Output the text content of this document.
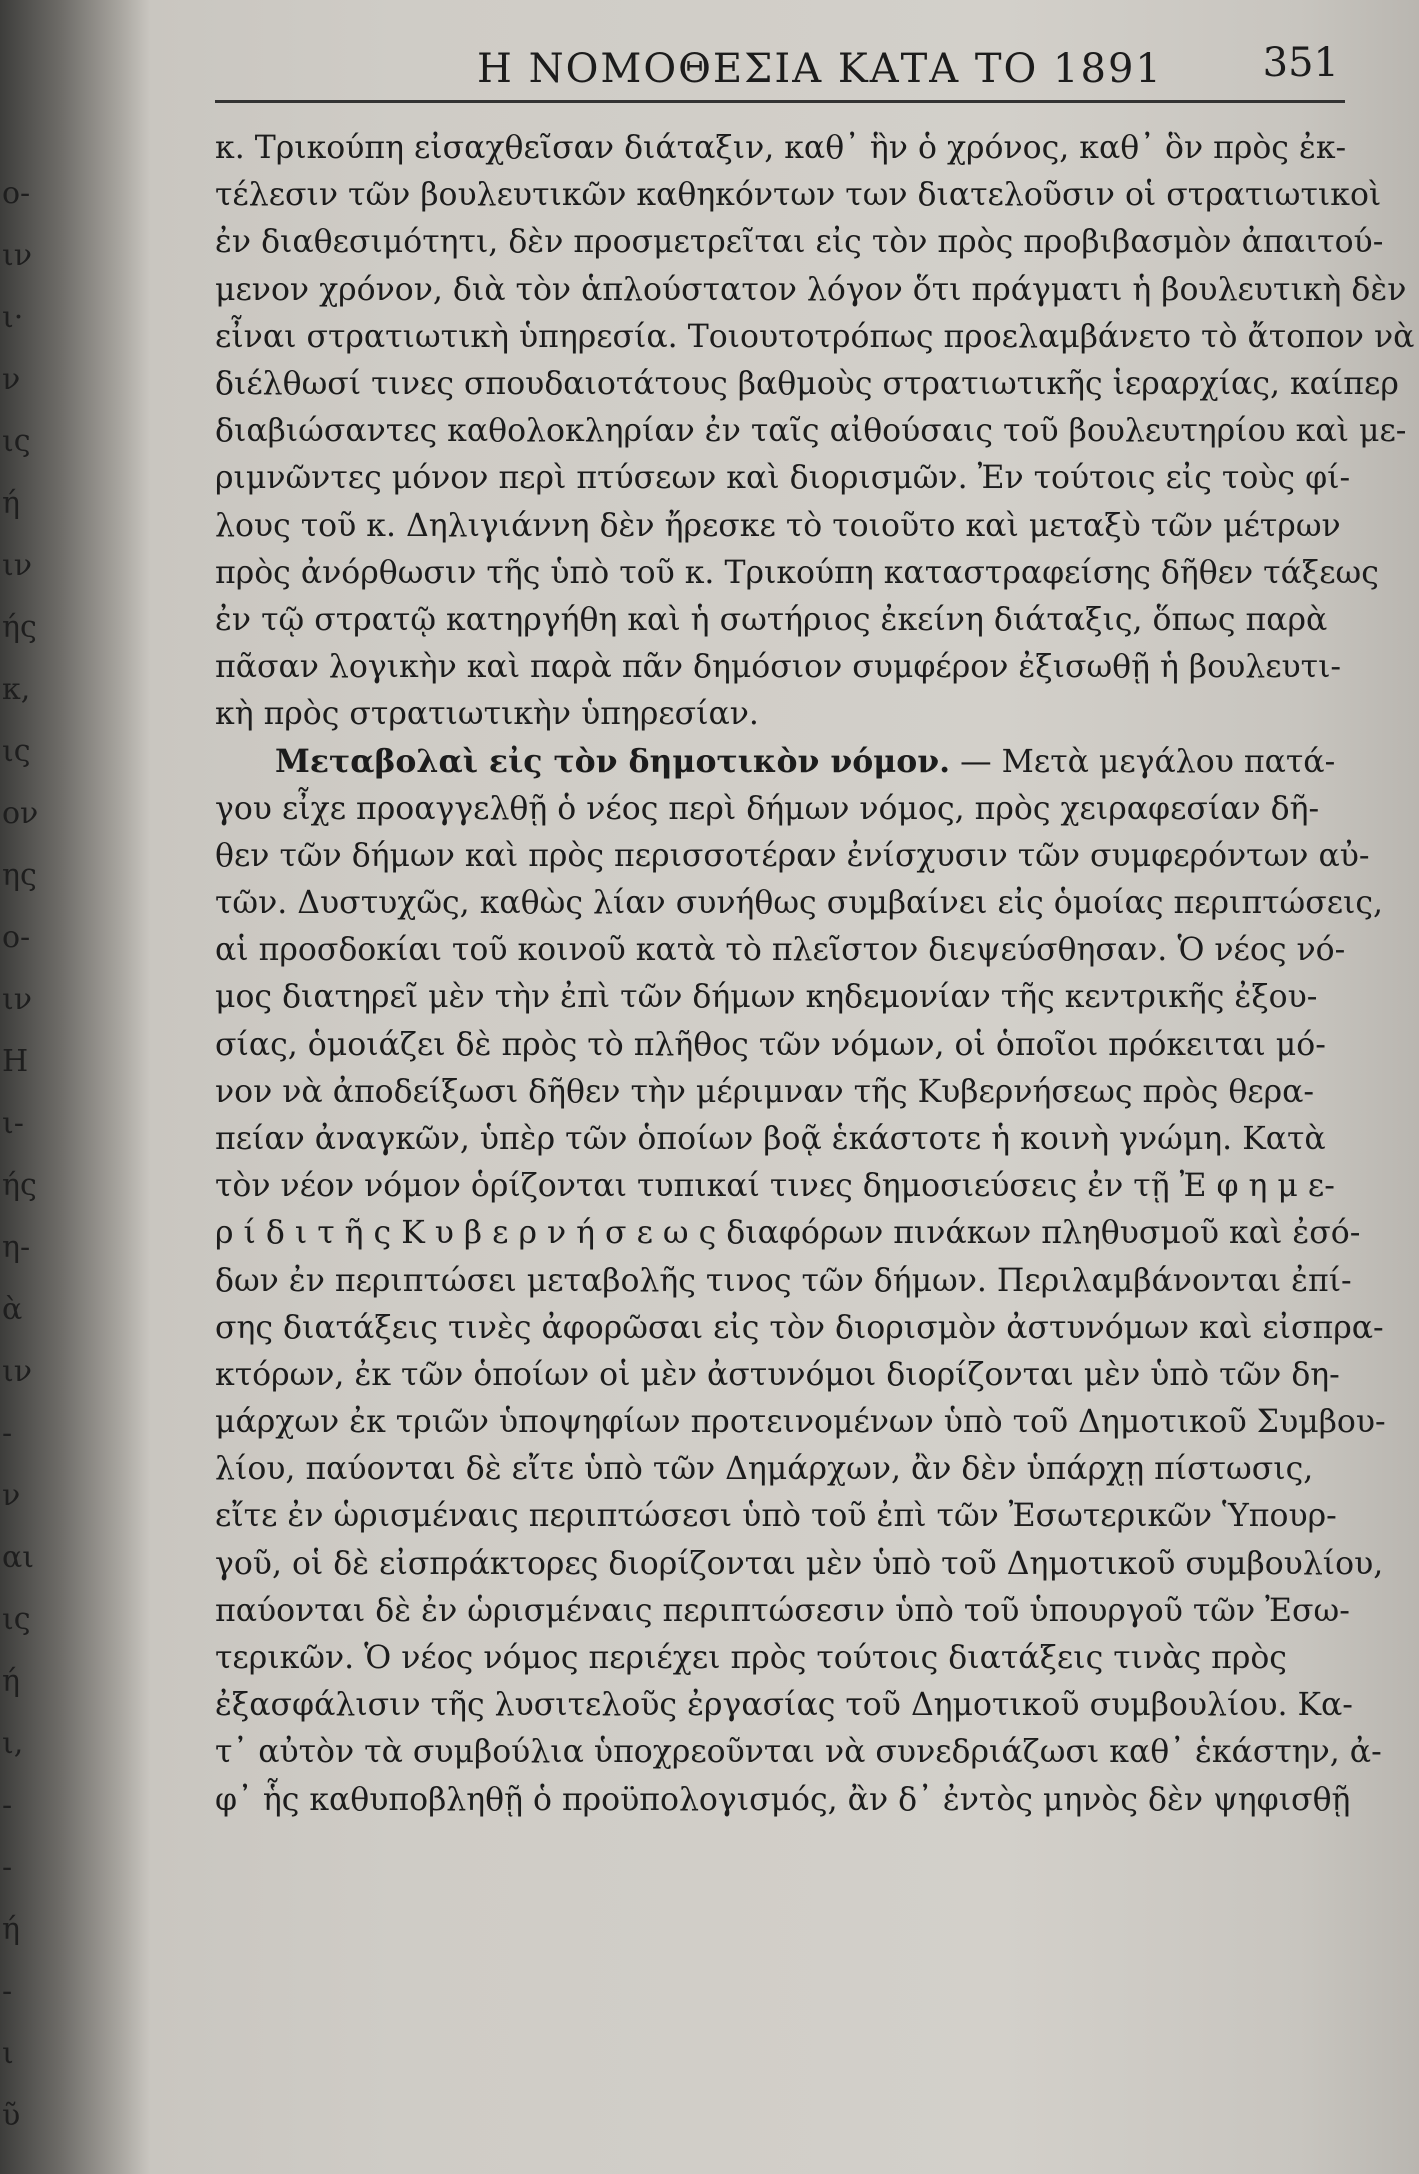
ο-
ιν
ι·
ν
ις
ή
ιν
ής
κ,
ις
ον
ης
ο-
ιν
Η
ι-
ής
η-
ὰ
ιν
-
ν
αι
ις
ή
ι,
-
-
ή
-
ι
ῦ
Η ΝΟΜΟΘΕΣΙΑ ΚΑΤΑ ΤΟ 1891 351
κ. Τρικούπη εἰσαχθεῖσαν διάταξιν, καθ᾽ ἣν ὁ χρόνος, καθ᾽ ὃν πρὸς ἐκ-
τέλεσιν τῶν βουλευτικῶν καθηκόντων των διατελοῦσιν οἱ στρατιωτικοὶ
ἐν διαθεσιμότητι, δὲν προσμετρεῖται εἰς τὸν πρὸς προβιβασμὸν ἀπαιτού-
μενον χρόνον, διὰ τὸν ἁπλούστατον λόγον ὅτι πράγματι ἡ βουλευτικὴ δὲν
εἶναι στρατιωτικὴ ὑπηρεσία. Τοιουτοτρόπως προελαμβάνετο τὸ ἄτοπον νὰ
διέλθωσί τινες σπουδαιοτάτους βαθμοὺς στρατιωτικῆς ἱεραρχίας, καίπερ
διαβιώσαντες καθολοκληρίαν ἐν ταῖς αἰθούσαις τοῦ βουλευτηρίου καὶ με-
ριμνῶντες μόνον περὶ πτύσεων καὶ διορισμῶν. Ἐν τούτοις εἰς τοὺς φί-
λους τοῦ κ. Δηλιγιάννη δὲν ἤρεσκε τὸ τοιοῦτο καὶ μεταξὺ τῶν μέτρων
πρὸς ἀνόρθωσιν τῆς ὑπὸ τοῦ κ. Τρικούπη καταστραφείσης δῆθεν τάξεως
ἐν τῷ στρατῷ κατηργήθη καὶ ἡ σωτήριος ἐκείνη διάταξις, ὅπως παρὰ
πᾶσαν λογικὴν καὶ παρὰ πᾶν δημόσιον συμφέρον ἐξισωθῇ ἡ βουλευτι-
κὴ πρὸς στρατιωτικὴν ὑπηρεσίαν.
Μεταβολαὶ εἰς τὸν δημοτικὸν νόμον. — Μετὰ μεγάλου πατά-
γου εἶχε προαγγελθῇ ὁ νέος περὶ δήμων νόμος, πρὸς χειραφεσίαν δῆ-
θεν τῶν δήμων καὶ πρὸς περισσοτέραν ἐνίσχυσιν τῶν συμφερόντων αὐ-
τῶν. Δυστυχῶς, καθὼς λίαν συνήθως συμβαίνει εἰς ὁμοίας περιπτώσεις,
αἱ προσδοκίαι τοῦ κοινοῦ κατὰ τὸ πλεῖστον διεψεύσθησαν. Ὁ νέος νό-
μος διατηρεῖ μὲν τὴν ἐπὶ τῶν δήμων κηδεμονίαν τῆς κεντρικῆς ἐξου-
σίας, ὁμοιάζει δὲ πρὸς τὸ πλῆθος τῶν νόμων, οἱ ὁποῖοι πρόκειται μό-
νον νὰ ἀποδείξωσι δῆθεν τὴν μέριμναν τῆς Κυβερνήσεως πρὸς θερα-
πείαν ἀναγκῶν, ὑπὲρ τῶν ὁποίων βοᾷ ἑκάστοτε ἡ κοινὴ γνώμη. Κατὰ
τὸν νέον νόμον ὁρίζονται τυπικαί τινες δημοσιεύσεις ἐν τῇ Ἐ φ η μ ε-
ρ ί δ ι τ ῆ ς Κ υ β ε ρ ν ή σ ε ω ς διαφόρων πινάκων πληθυσμοῦ καὶ ἐσό-
δων ἐν περιπτώσει μεταβολῆς τινος τῶν δήμων. Περιλαμβάνονται ἐπί-
σης διατάξεις τινὲς ἀφορῶσαι εἰς τὸν διορισμὸν ἀστυνόμων καὶ εἰσπρα-
κτόρων, ἐκ τῶν ὁποίων οἱ μὲν ἀστυνόμοι διορίζονται μὲν ὑπὸ τῶν δη-
μάρχων ἐκ τριῶν ὑποψηφίων προτεινομένων ὑπὸ τοῦ Δημοτικοῦ Συμβου-
λίου, παύονται δὲ εἴτε ὑπὸ τῶν Δημάρχων, ἂν δὲν ὑπάρχῃ πίστωσις,
εἴτε ἐν ὡρισμέναις περιπτώσεσι ὑπὸ τοῦ ἐπὶ τῶν Ἐσωτερικῶν Ὑπουρ-
γοῦ, οἱ δὲ εἰσπράκτορες διορίζονται μὲν ὑπὸ τοῦ Δημοτικοῦ συμβουλίου,
παύονται δὲ ἐν ὡρισμέναις περιπτώσεσιν ὑπὸ τοῦ ὑπουργοῦ τῶν Ἐσω-
τερικῶν. Ὁ νέος νόμος περιέχει πρὸς τούτοις διατάξεις τινὰς πρὸς
ἐξασφάλισιν τῆς λυσιτελοῦς ἐργασίας τοῦ Δημοτικοῦ συμβουλίου. Κα-
τ᾽ αὐτὸν τὰ συμβούλια ὑποχρεοῦνται νὰ συνεδριάζωσι καθ᾽ ἑκάστην, ἀ-
φ᾽ ἧς καθυποβληθῇ ὁ προϋπολογισμός, ἂν δ᾽ ἐντὸς μηνὸς δὲν ψηφισθῇ
